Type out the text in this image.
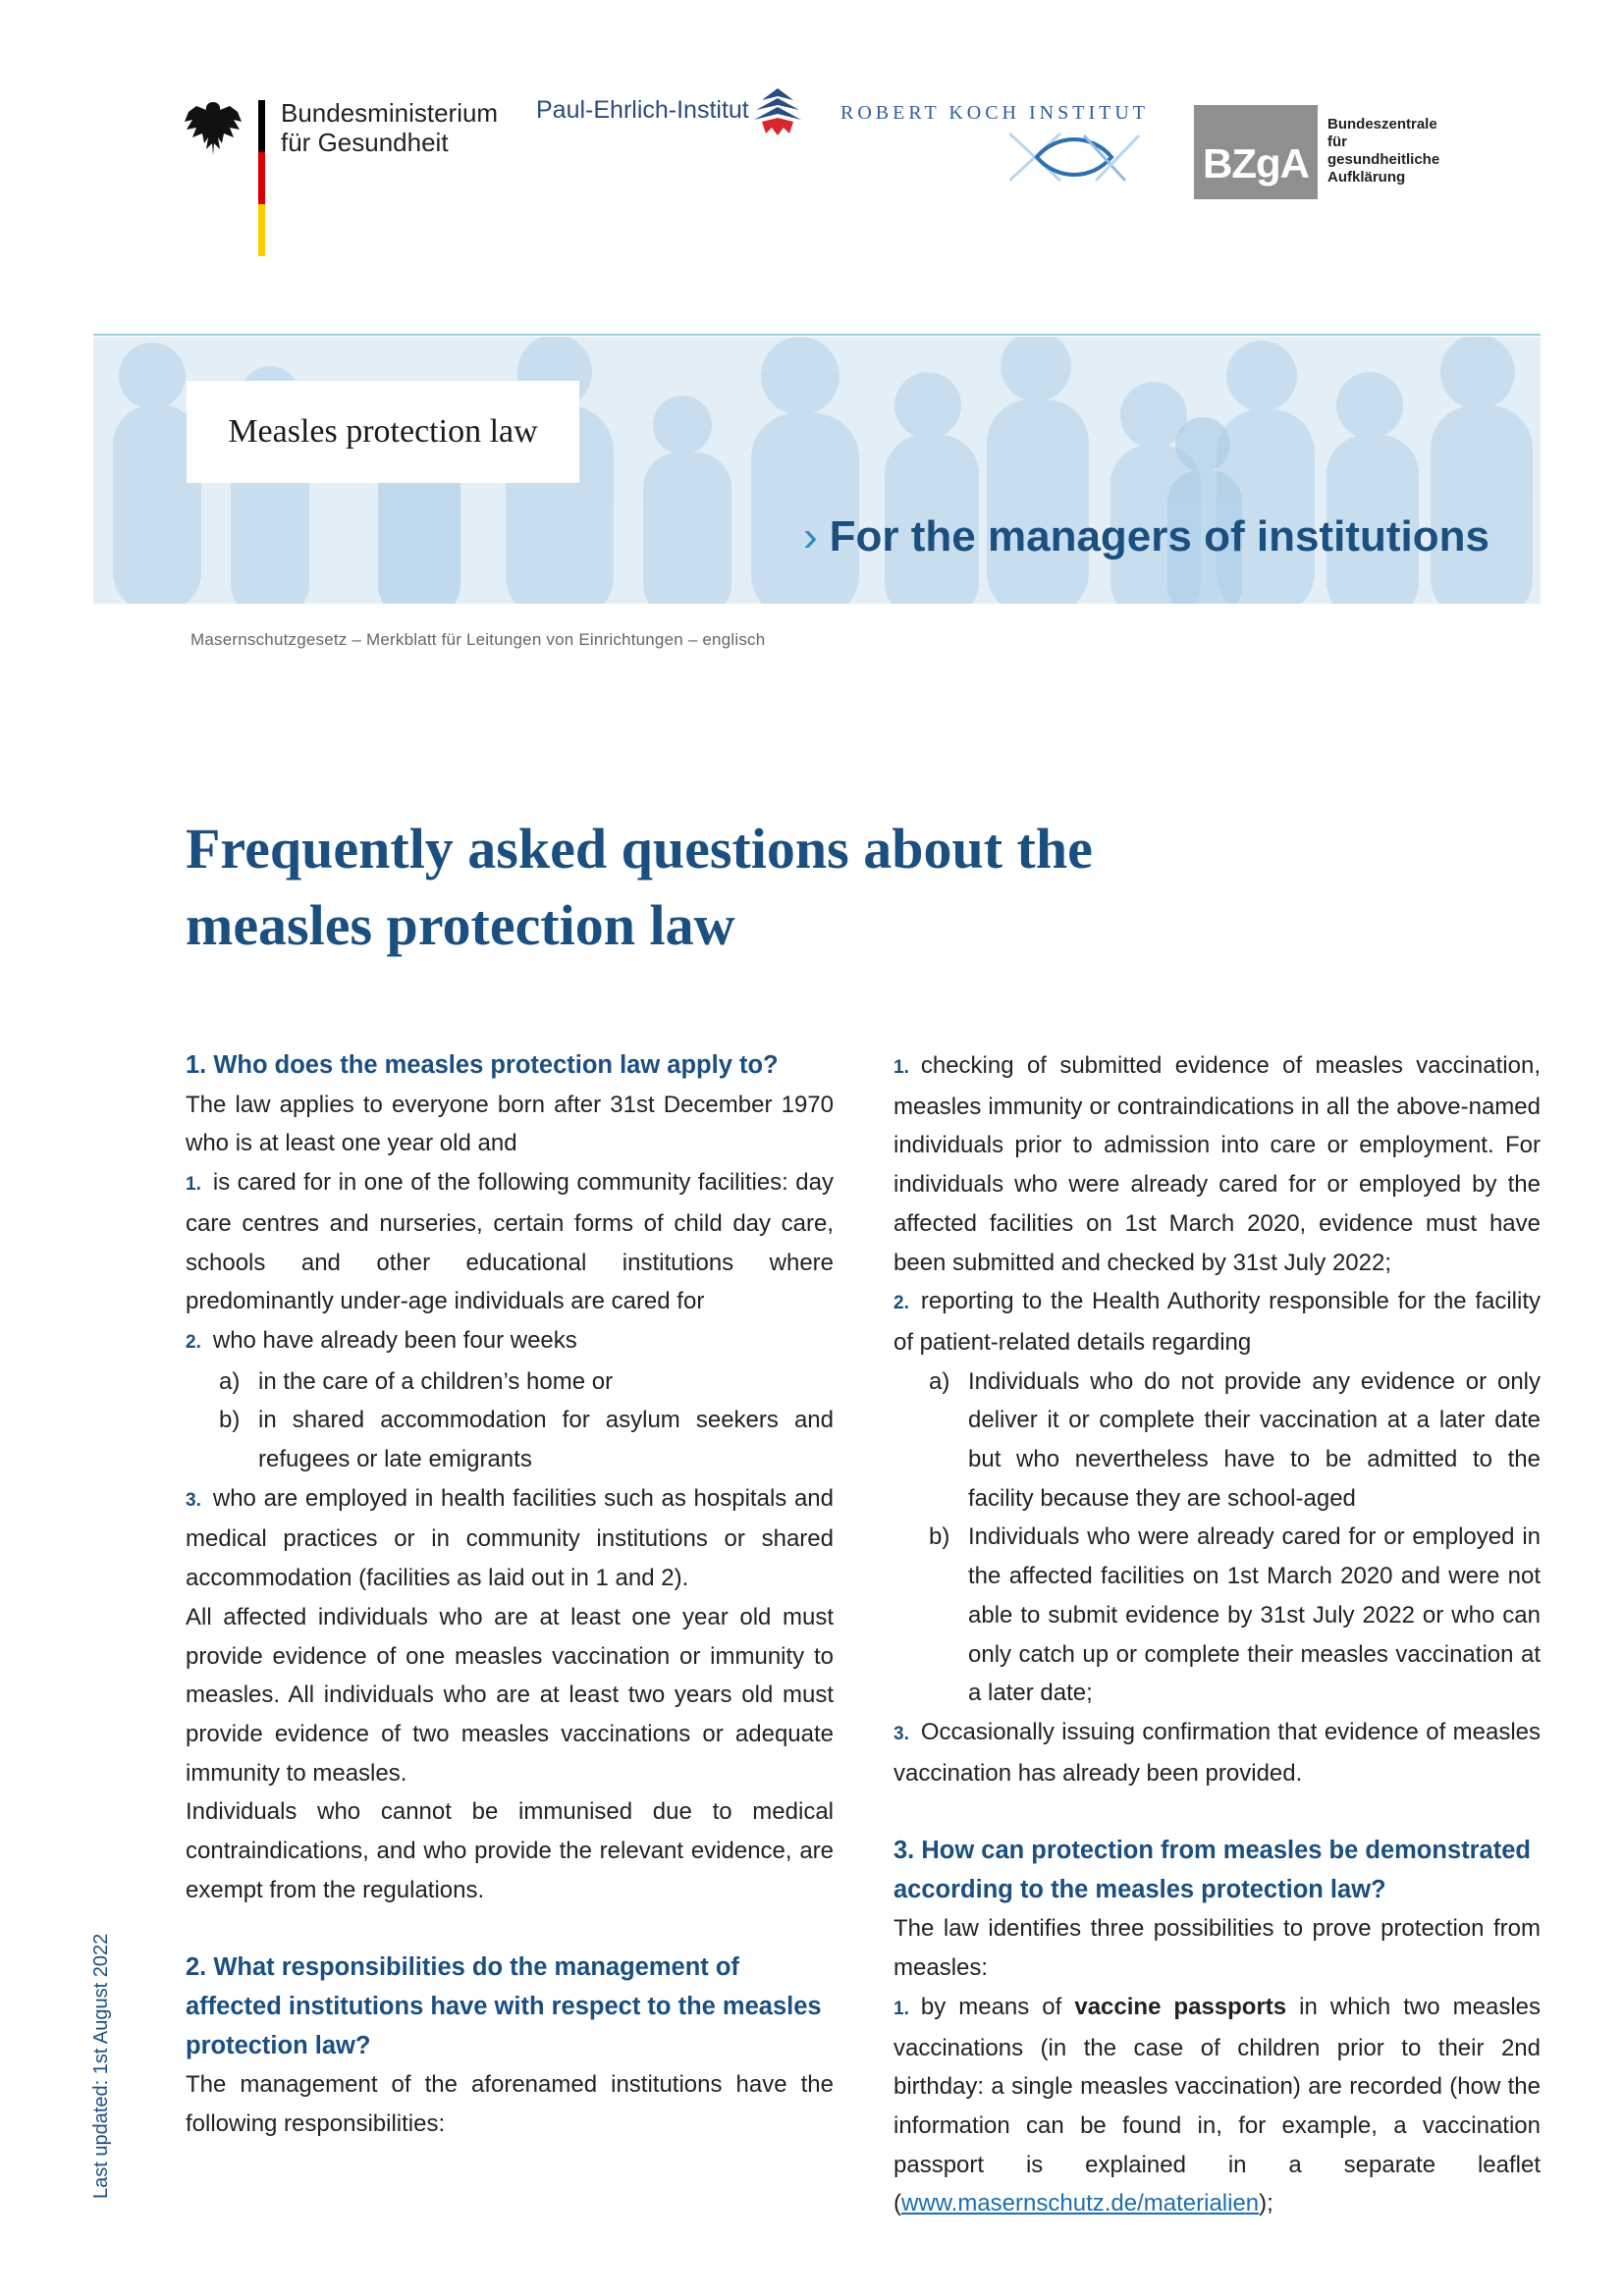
Bundesministerium
für Gesundheit
Paul-Ehrlich-Institut	ROBERT KOCH INSTITUT
BZgA
Bundeszentrale
für
gesundheitliche
Aufklärung
Measles protection law
› For the managers of institutions
Masernschutzgesetz – Merkblatt für Leitungen von Einrichtungen – englisch
Frequently asked questions about the
measles protection law
1. Who does the measles protection law apply to?

The law applies to everyone born after 31st December 1970 who is at least one year old and

1. is cared for in one of the following community facilities: day care centres and nurseries, certain forms of child day care, schools and other educational institutions where predominantly under-age individuals are cared for

2. who have already been four weeks

a) in the care of a children’s home or
b) in shared accommodation for asylum seekers and refugees or late emigrants

3. who are employed in health facilities such as hospitals and medical practices or in community institutions or shared accommodation (facilities as laid out in 1 and 2).

All affected individuals who are at least one year old must provide evidence of one measles vaccination or immunity to measles. All individuals who are at least two years old must provide evidence of two measles vaccinations or adequate immunity to measles.

Individuals who cannot be immunised due to medical contraindications, and who provide the relevant evidence, are exempt from the regulations.

2. What responsibilities do the management of affected institutions have with respect to the measles protection law?

The management of the aforenamed institutions have the following responsibilities:

1. checking of submitted evidence of measles vaccination, measles immunity or contraindications in all the above-named individuals prior to admission into care or employment. For individuals who were already cared for or employed by the affected facilities on 1st March 2020, evidence must have been submitted and checked by 31st July 2022;

2. reporting to the Health Authority responsible for the facility of patient-related details regarding

a) Individuals who do not provide any evidence or only deliver it or complete their vaccination at a later date but who nevertheless have to be admitted to the facility because they are school-aged
b) Individuals who were already cared for or employed in the affected facilities on 1st March 2020 and were not able to submit evidence by 31st July 2022 or who can only catch up or complete their measles vaccination at a later date;

3. Occasionally issuing confirmation that evidence of measles vaccination has already been provided.

3. How can protection from measles be demonstrated according to the measles protection law?

The law identifies three possibilities to prove protection from measles:

1. by means of vaccine passports in which two measles vaccinations (in the case of children prior to their 2nd birthday: a single measles vaccination) are recorded (how the information can be found in, for example, a vaccination passport is explained in a separate leaflet (www.masernschutz.de/materialien);

Last updated: 1st August 2022
